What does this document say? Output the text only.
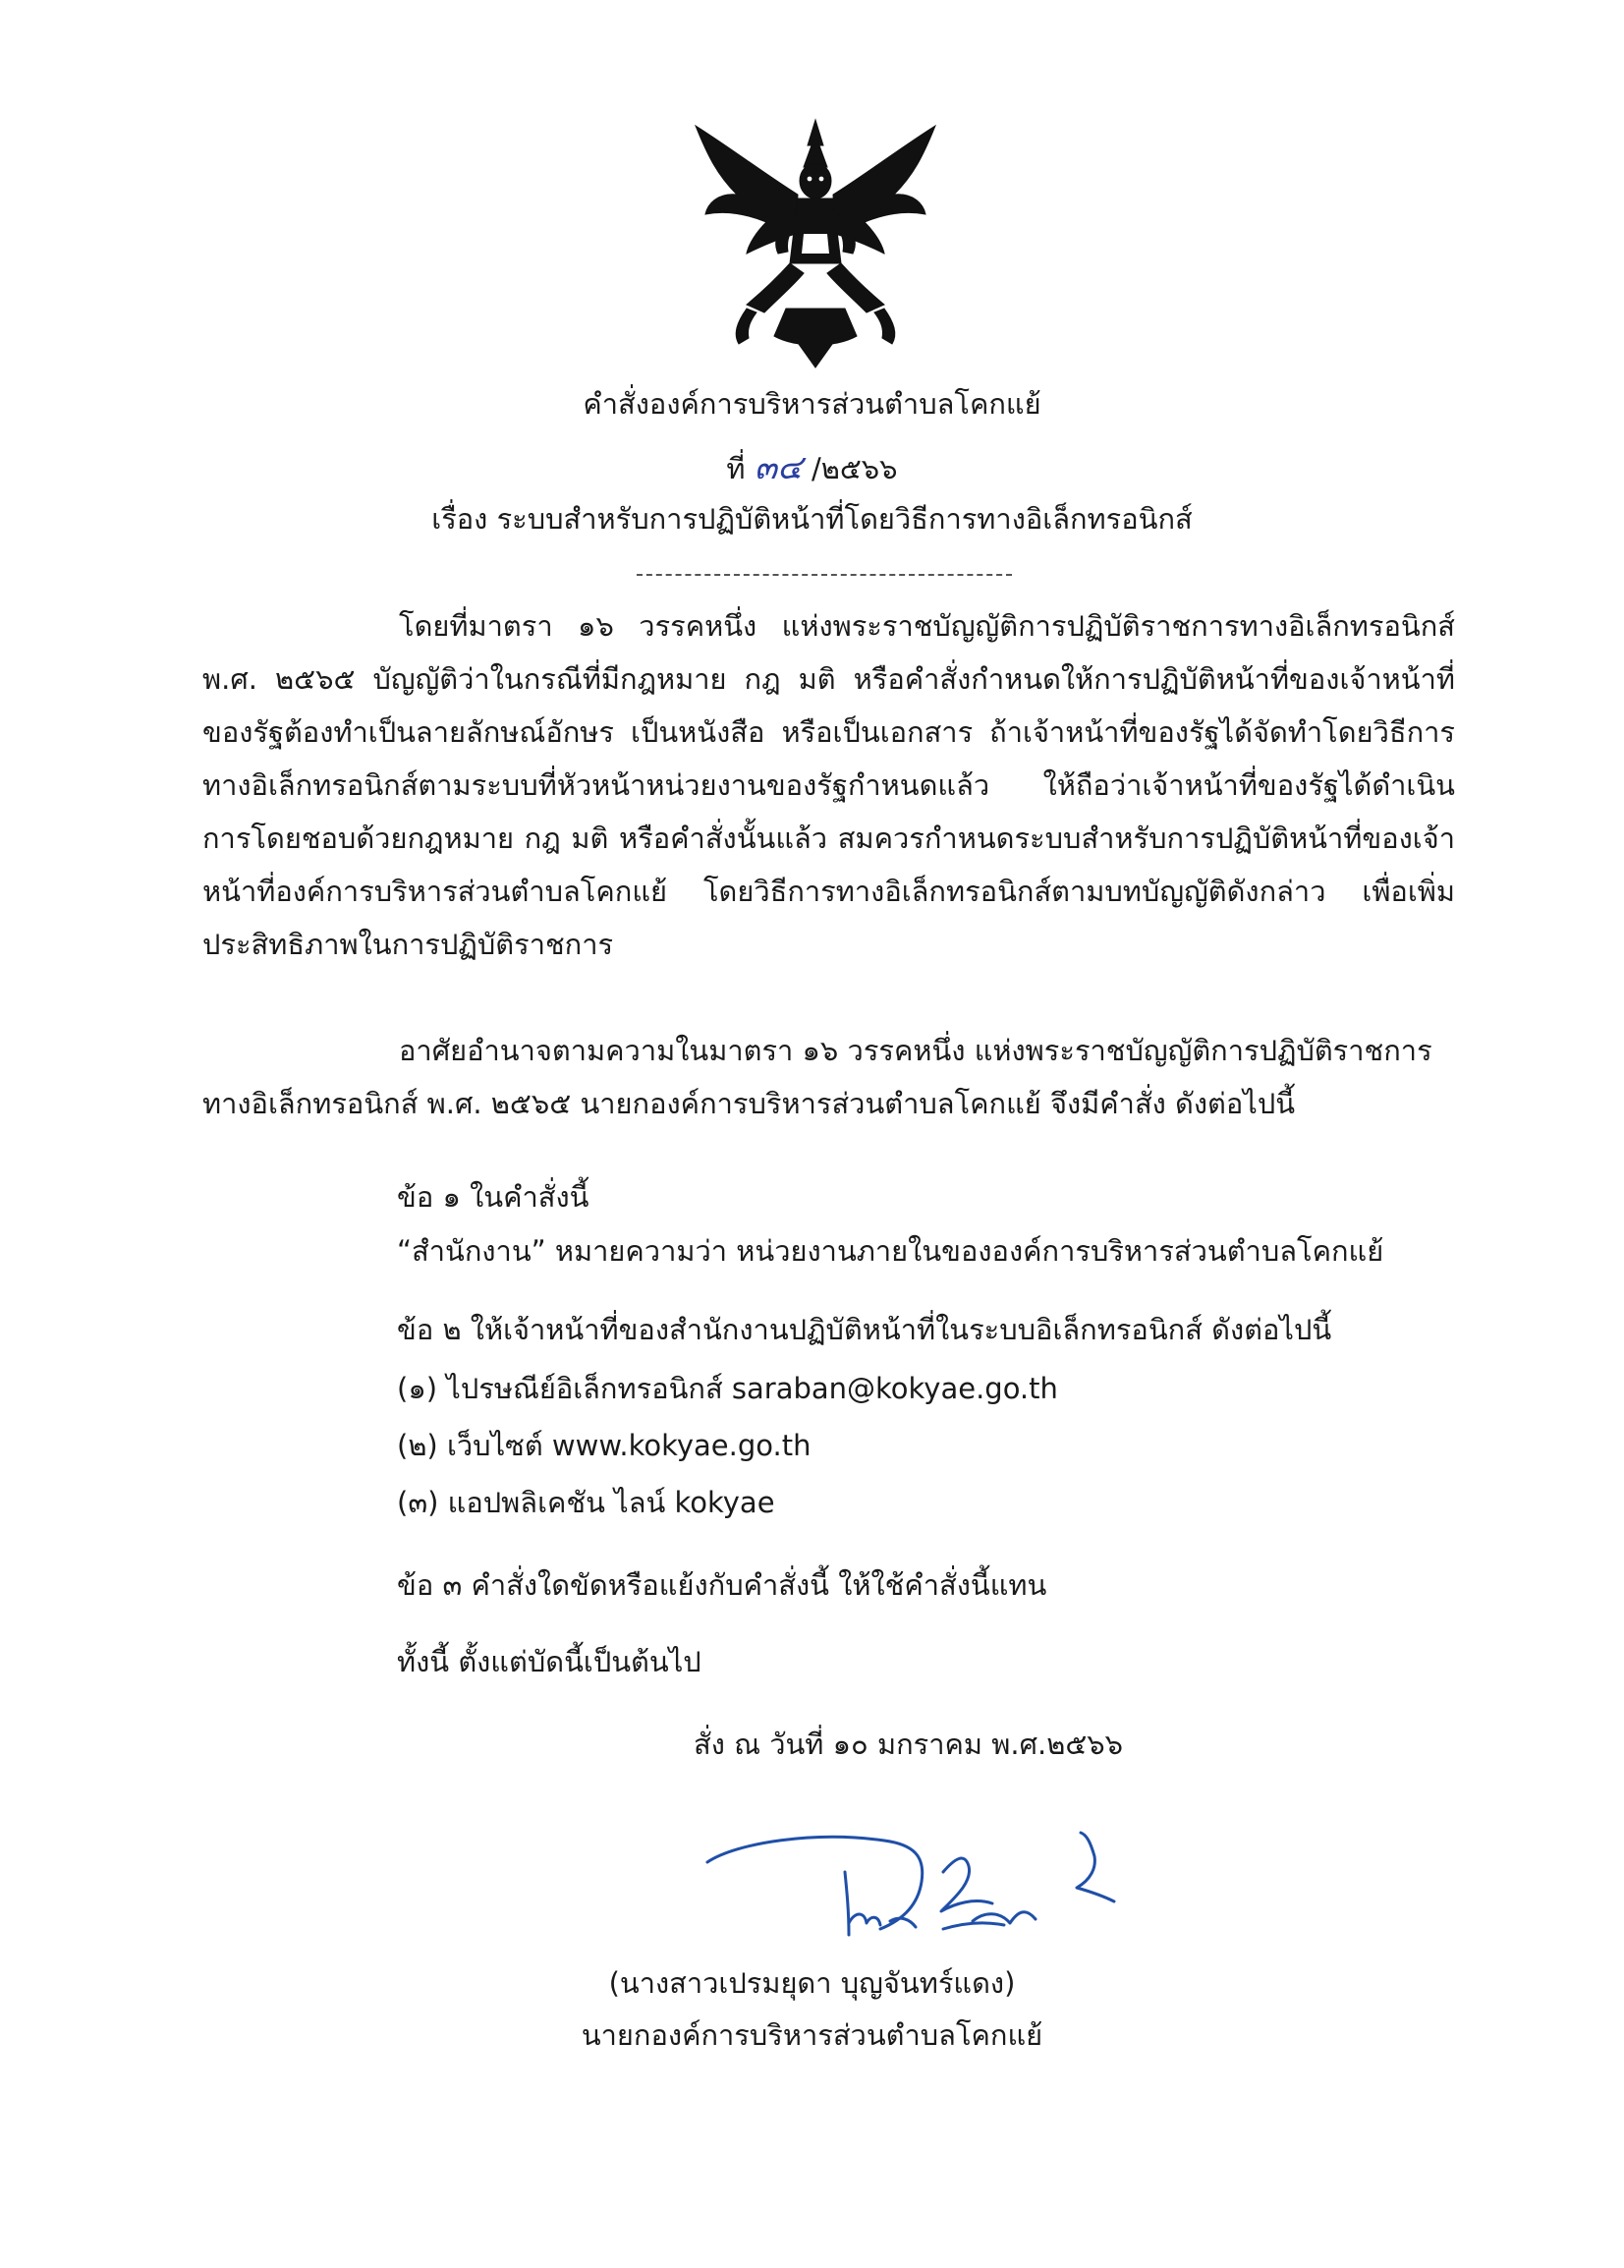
คำสั่งองค์การบริหารส่วนตำบลโคกแย้
ที่ ๓๔ /๒๕๖๖
เรื่อง ระบบสำหรับการปฏิบัติหน้าที่โดยวิธีการทางอิเล็กทรอนิกส์
โดยที่มาตรา ๑๖ วรรคหนึ่ง แห่งพระราชบัญญัติการปฏิบัติราชการทางอิเล็กทรอนิกส์ พ.ศ. ๒๕๖๕ บัญญัติว่าในกรณีที่มีกฎหมาย กฎ มติ หรือคำสั่งกำหนดให้การปฏิบัติหน้าที่ของเจ้าหน้าที่ของรัฐต้องทำเป็นลายลักษณ์อักษร เป็นหนังสือ หรือเป็นเอกสาร ถ้าเจ้าหน้าที่ของรัฐได้จัดทำโดยวิธีการทางอิเล็กทรอนิกส์ตามระบบที่หัวหน้าหน่วยงานของรัฐกำหนดแล้ว ให้ถือว่าเจ้าหน้าที่ของรัฐได้ดำเนินการโดยชอบด้วยกฎหมาย กฎ มติ หรือคำสั่งนั้นแล้ว สมควรกำหนดระบบสำหรับการปฏิบัติหน้าที่ของเจ้าหน้าที่องค์การบริหารส่วนตำบลโคกแย้ โดยวิธีการทางอิเล็กทรอนิกส์ตามบทบัญญัติดังกล่าว เพื่อเพิ่มประสิทธิภาพในการปฏิบัติราชการ
อาศัยอำนาจตามความในมาตรา ๑๖ วรรคหนึ่ง แห่งพระราชบัญญัติการปฏิบัติราชการทางอิเล็กทรอนิกส์ พ.ศ. ๒๕๖๕ นายกองค์การบริหารส่วนตำบลโคกแย้ จึงมีคำสั่ง ดังต่อไปนี้
ข้อ ๑ ในคำสั่งนี้
“สำนักงาน” หมายความว่า หน่วยงานภายในขององค์การบริหารส่วนตำบลโคกแย้
ข้อ ๒ ให้เจ้าหน้าที่ของสำนักงานปฏิบัติหน้าที่ในระบบอิเล็กทรอนิกส์ ดังต่อไปนี้
(๑) ไปรษณีย์อิเล็กทรอนิกส์ saraban@kokyae.go.th
(๒) เว็บไซต์ www.kokyae.go.th
(๓) แอปพลิเคชัน ไลน์ kokyae
ข้อ ๓ คำสั่งใดขัดหรือแย้งกับคำสั่งนี้ ให้ใช้คำสั่งนี้แทน
ทั้งนี้ ตั้งแต่บัดนี้เป็นต้นไป
สั่ง ณ วันที่ ๑๐ มกราคม พ.ศ.๒๕๖๖
(นางสาวเปรมยุดา บุญจันทร์แดง)
นายกองค์การบริหารส่วนตำบลโคกแย้
